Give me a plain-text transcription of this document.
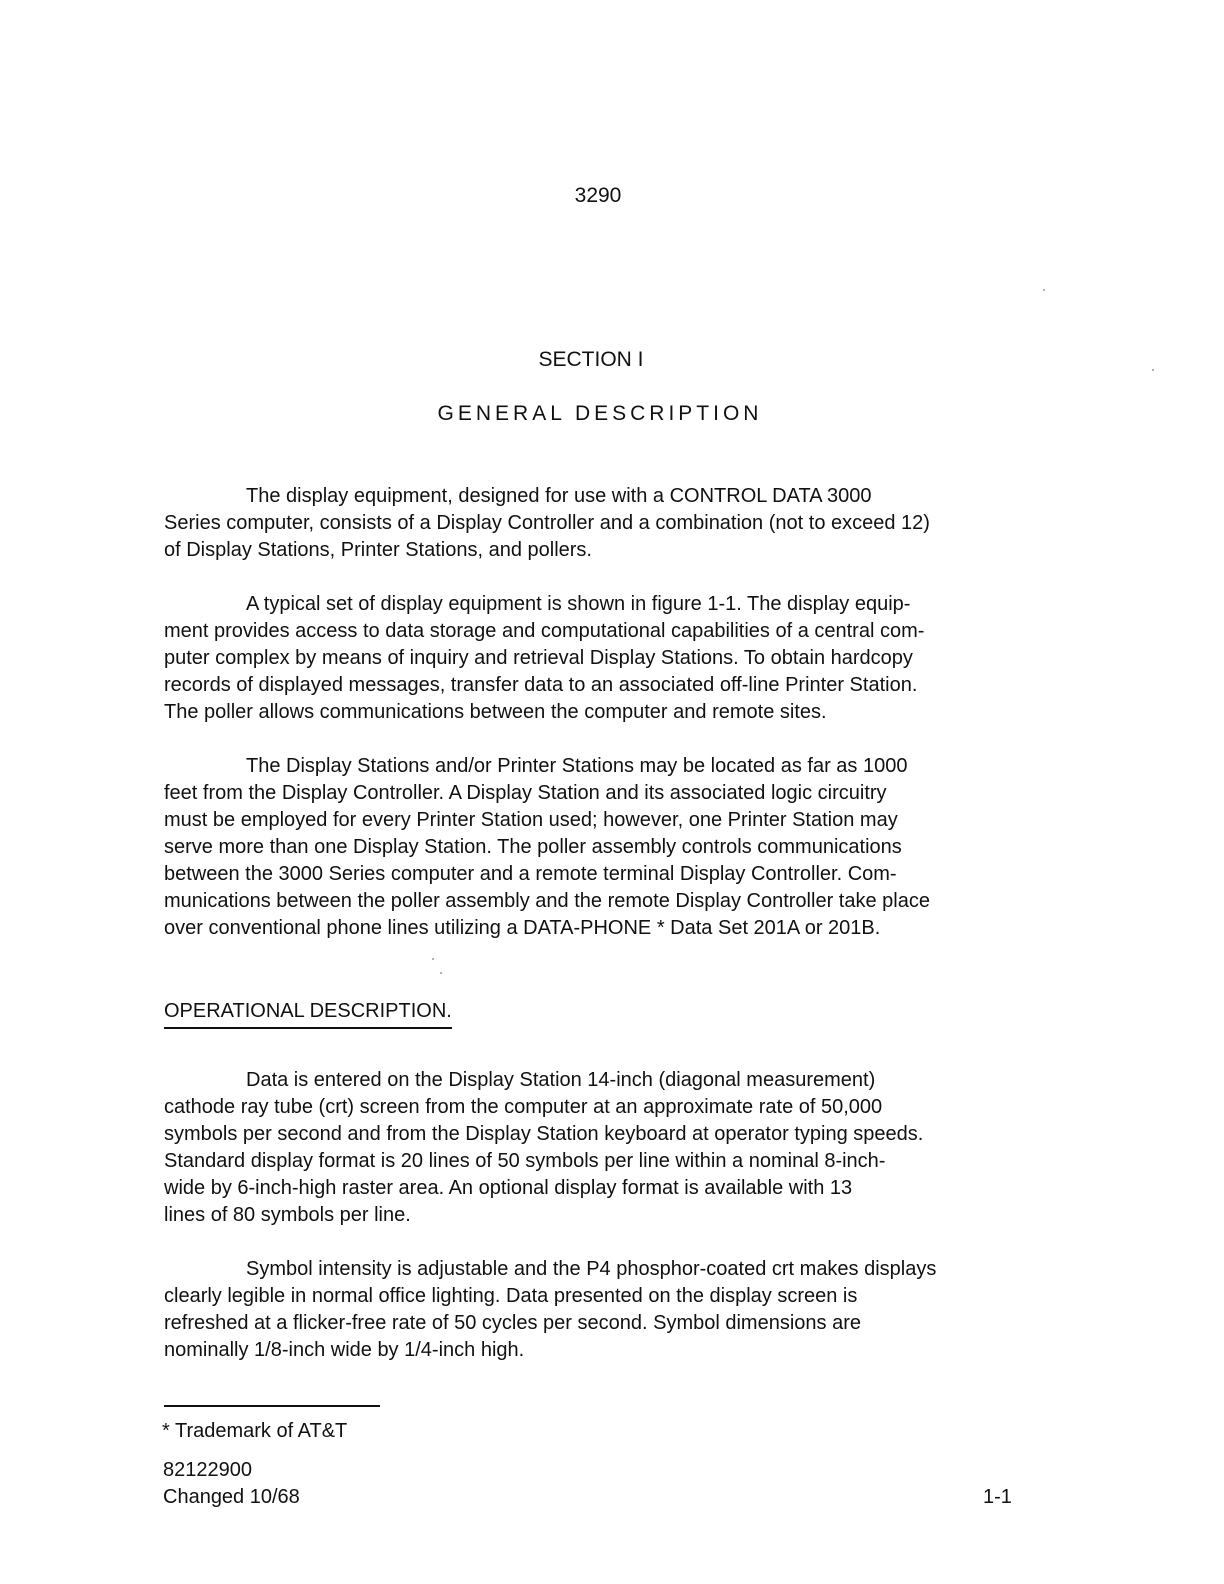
3290
SECTION I
GENERAL DESCRIPTION

The display equipment, designed for use with a CONTROL DATA 3000
Series computer, consists of a Display Controller and a combination (not to exceed 12)
of Display Stations, Printer Stations, and pollers.

A typical set of display equipment is shown in figure 1-1. The display equip-
ment provides access to data storage and computational capabilities of a central com-
puter complex by means of inquiry and retrieval Display Stations. To obtain hardcopy
records of displayed messages, transfer data to an associated off-line Printer Station.
The poller allows communications between the computer and remote sites.

The Display Stations and/or Printer Stations may be located as far as 1000
feet from the Display Controller. A Display Station and its associated logic circuitry
must be employed for every Printer Station used; however, one Printer Station may
serve more than one Display Station. The poller assembly controls communications
between the 3000 Series computer and a remote terminal Display Controller. Com-
munications between the poller assembly and the remote Display Controller take place
over conventional phone lines utilizing a DATA-PHONE * Data Set 201A or 201B.

OPERATIONAL DESCRIPTION.

Data is entered on the Display Station 14-inch (diagonal measurement)
cathode ray tube (crt) screen from the computer at an approximate rate of 50,000
symbols per second and from the Display Station keyboard at operator typing speeds.
Standard display format is 20 lines of 50 symbols per line within a nominal 8-inch-
wide by 6-inch-high raster area. An optional display format is available with 13
lines of 80 symbols per line.

Symbol intensity is adjustable and the P4 phosphor-coated crt makes displays
clearly legible in normal office lighting. Data presented on the display screen is
refreshed at a flicker-free rate of 50 cycles per second. Symbol dimensions are
nominally 1/8-inch wide by 1/4-inch high.

* Trademark of AT&T
82122900
Changed 10/68	1-1
